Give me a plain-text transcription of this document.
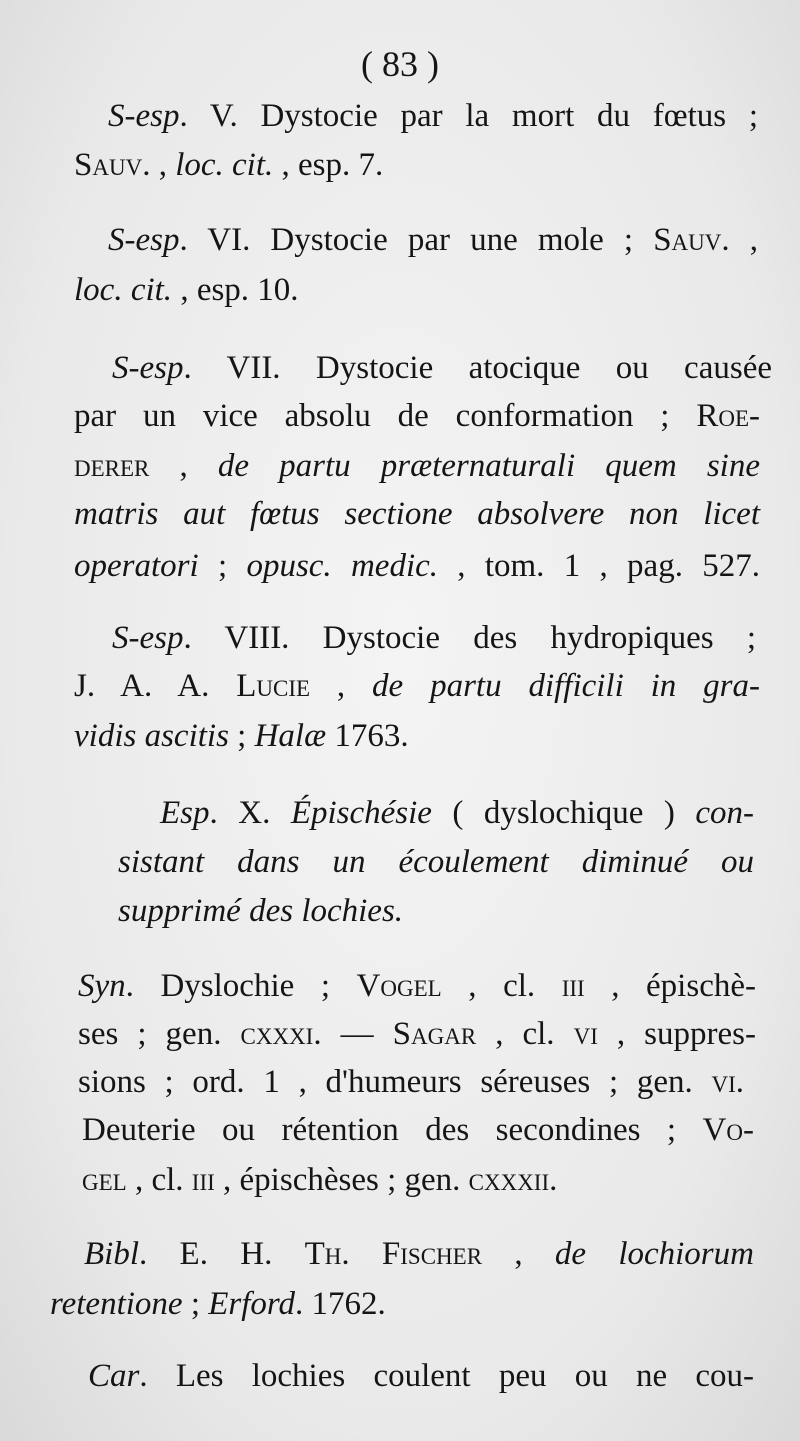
( 83 )
S-esp. V. Dystocie par la mort du fœtus ;
Sauv. , loc. cit. , esp. 7.
S-esp. VI. Dystocie par une mole ; Sauv. ,
loc. cit. , esp. 10.
S-esp. VII. Dystocie atocique ou causée
par un vice absolu de conformation ; Roe-
derer , de partu præternaturali quem sine
matris aut fœtus sectione absolvere non licet
operatori ; opusc. medic. , tom. 1 , pag. 527.
S-esp. VIII. Dystocie des hydropiques ;
J. A. A. Lucie , de partu difficili in gra-
vidis ascitis ; Halæ 1763.
Esp. X. Épischésie ( dyslochique ) con-
sistant dans un écoulement diminué ou
supprimé des lochies.
Syn. Dyslochie ; Vogel , cl. iii , épischè-
ses ; gen. cxxxi. — Sagar , cl. vi , suppres-
sions ; ord. 1 , d'humeurs séreuses ; gen. vi.
Deuterie ou rétention des secondines ; Vo-
gel , cl. iii , épischèses ; gen. cxxxii.
Bibl. E. H. Th. Fischer , de lochiorum
retentione ; Erford. 1762.
Car. Les lochies coulent peu ou ne cou-
